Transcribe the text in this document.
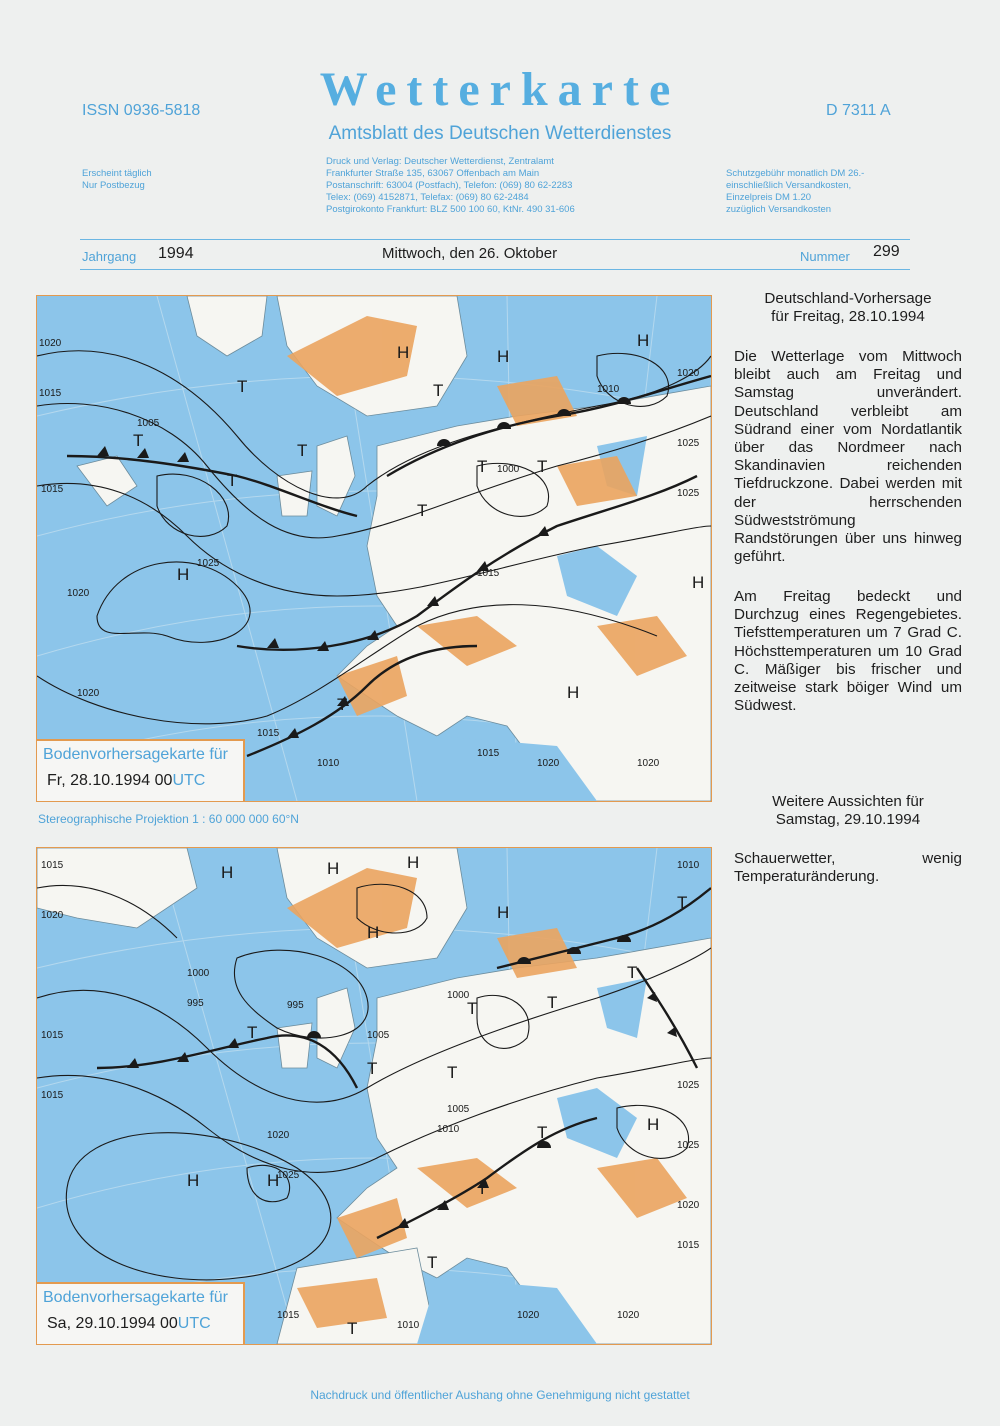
ISSN 0936-5818	Wetterkarte	D 7311 A
Amtsblatt des Deutschen Wetterdienstes
Erscheint täglich
Nur Postbezug
Druck und Verlag: Deutscher Wetterdienst, Zentralamt
Frankfurter Straße 135, 63067 Offenbach am Main
Postanschrift: 63004 (Postfach), Telefon: (069) 80 62-2283
Telex: (069) 4152871, Telefax: (069) 80 62-2484
Postgirokonto Frankfurt: BLZ 500 100 60, KtNr. 490 31-606
Schutzgebühr monatlich DM 26.-
einschließlich Versandkosten,
Einzelpreis DM 1.20
zuzüglich Versandkosten
Jahrgang 1994	Mittwoch, den 26. Oktober	Nummer 299
H	H
H
H
H
H
T
T
T
T
T	T
T
T
T
1020
1015
1015
1005
1025
1020
1020
1015
1010
1015
1020	1020
1000
1010
1015
1020
1025
1025
Bodenvorhersagekarte für
Fr, 28.10.1994 00UTC
Stereographische Projektion 1 : 60 000 000 60°N
H	H	H
H
H
H	H
H
T
T	T
T
T
T
T
T
T
T
T
1015
1020
1015
1015
1000
995	995
1005
1000
1005
1010
1020
1025
1015
1010
1020	1020
1025
1025
1020
1015
1010
Bodenvorhersagekarte für
Sa, 29.10.1994 00UTC
Deutschland-Vorhersage
für Freitag, 28.10.1994
Die Wetterlage vom Mittwoch bleibt auch am Freitag und Samstag unverändert. Deutschland verbleibt am Südrand einer vom Nordatlantik über das Nordmeer nach Skandinavien reichenden Tiefdruckzone. Dabei werden mit der herrschenden Südwestströmung Randstörungen über uns hinweg geführt.
Am Freitag bedeckt und Durchzug eines Regengebietes. Tiefsttemperaturen um 7 Grad C. Höchsttemperaturen um 10 Grad C. Mäßiger bis frischer und zeitweise stark böiger Wind um Südwest.
Weitere Aussichten für
Samstag, 29.10.1994
Schauerwetter, wenig Temperaturänderung.
Nachdruck und öffentlicher Aushang ohne Genehmigung nicht gestattet
